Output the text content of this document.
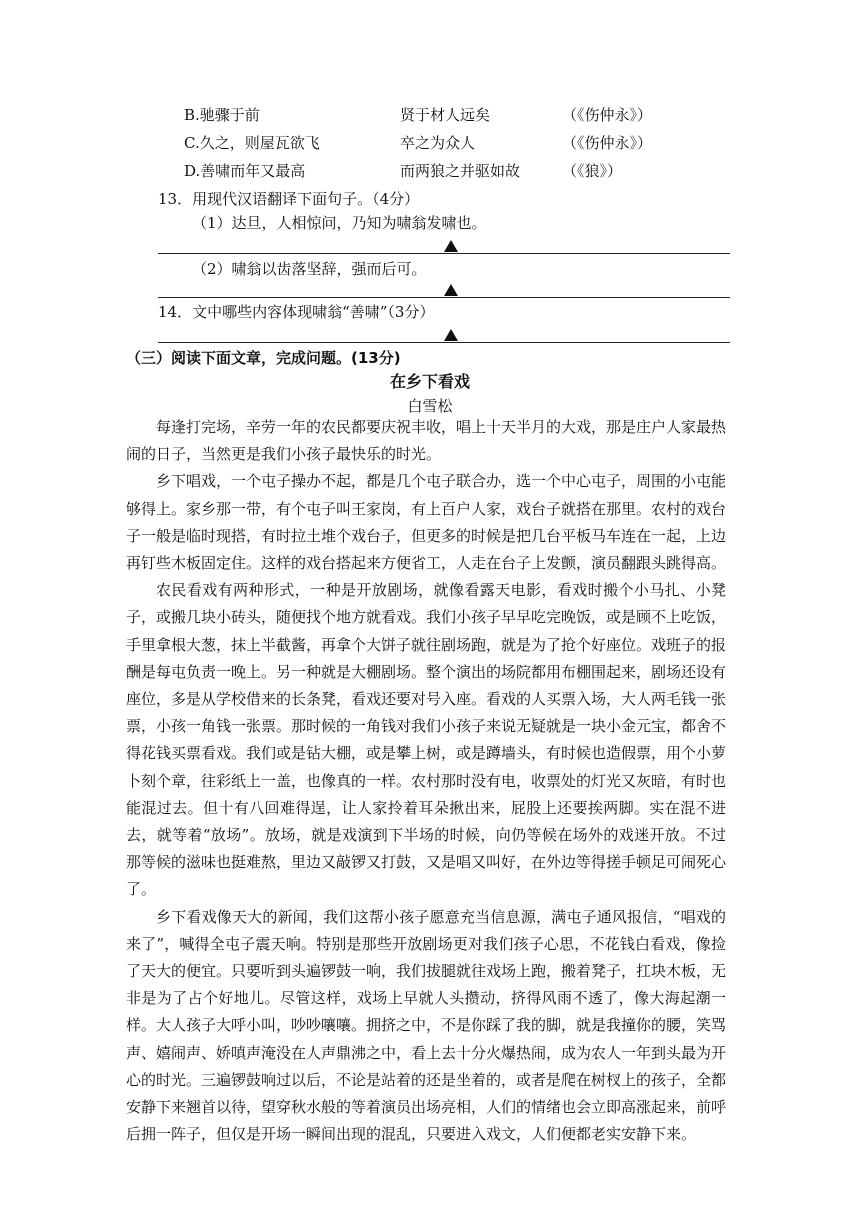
B.驰骤于前	贤于材人远矣	（《伤仲永》）
C.久之，则屋瓦欲飞	卒之为众人	（《伤仲永》）
D.善啸而年又最高	而两狼之并驱如故	（《狼》）
13．用现代汉语翻译下面句子。（4分）
（1）达旦，人相惊问，乃知为啸翁发啸也。
（2）啸翁以齿落坚辞，强而后可。
14．文中哪些内容体现啸翁“善啸”（3分）
（三）阅读下面文章，完成问题。(13分)
在乡下看戏
白雪松

每逢打完场，辛劳一年的农民都要庆祝丰收，唱上十天半月的大戏，那是庄户人家最热闹的日子，当然更是我们小孩子最快乐的时光。

乡下唱戏，一个屯子操办不起，都是几个屯子联合办，选一个中心屯子，周围的小屯能够得上。家乡那一带，有个屯子叫王家岗，有上百户人家，戏台子就搭在那里。农村的戏台子一般是临时现搭，有时拉土堆个戏台子，但更多的时候是把几台平板马车连在一起，上边再钉些木板固定住。这样的戏台搭起来方便省工，人走在台子上发颤，演员翻跟头跳得高。

农民看戏有两种形式，一种是开放剧场，就像看露天电影，看戏时搬个小马扎、小凳子，或搬几块小砖头，随便找个地方就看戏。我们小孩子早早吃完晚饭，或是顾不上吃饭，手里拿根大葱，抹上半截酱，再拿个大饼子就往剧场跑，就是为了抢个好座位。戏班子的报酬是每屯负责一晚上。另一种就是大棚剧场。整个演出的场院都用布棚围起来，剧场还设有座位，多是从学校借来的长条凳，看戏还要对号入座。看戏的人买票入场，大人两毛钱一张票，小孩一角钱一张票。那时候的一角钱对我们小孩子来说无疑就是一块小金元宝，都舍不得花钱买票看戏。我们或是钻大棚，或是攀上树，或是蹲墙头，有时候也造假票，用个小萝卜刻个章，往彩纸上一盖，也像真的一样。农村那时没有电，收票处的灯光又灰暗，有时也能混过去。但十有八回难得逞，让人家拎着耳朵揪出来，屁股上还要挨两脚。实在混不进去，就等着“放场”。放场，就是戏演到下半场的时候，向仍等候在场外的戏迷开放。不过那等候的滋味也挺难熬，里边又敲锣又打鼓，又是唱又叫好，在外边等得搓手顿足可闹死心了。

乡下看戏像天大的新闻，我们这帮小孩子愿意充当信息源，满屯子通风报信，“唱戏的来了”，喊得全屯子震天响。特别是那些开放剧场更对我们孩子心思，不花钱白看戏，像捡了天大的便宜。只要听到头遍锣鼓一响，我们拔腿就往戏场上跑，搬着凳子，扛块木板，无非是为了占个好地儿。尽管这样，戏场上早就人头攒动，挤得风雨不透了，像大海起潮一样。大人孩子大呼小叫，吵吵嚷嚷。拥挤之中，不是你踩了我的脚，就是我撞你的腰，笑骂声、嬉闹声、娇嗔声淹没在人声鼎沸之中，看上去十分火爆热闹，成为农人一年到头最为开心的时光。三遍锣鼓响过以后，不论是站着的还是坐着的，或者是爬在树杈上的孩子，全都安静下来翘首以待，望穿秋水般的等着演员出场亮相，人们的情绪也会立即高涨起来，前呼后拥一阵子，但仅是开场一瞬间出现的混乱，只要进入戏文，人们便都老实安静下来。
